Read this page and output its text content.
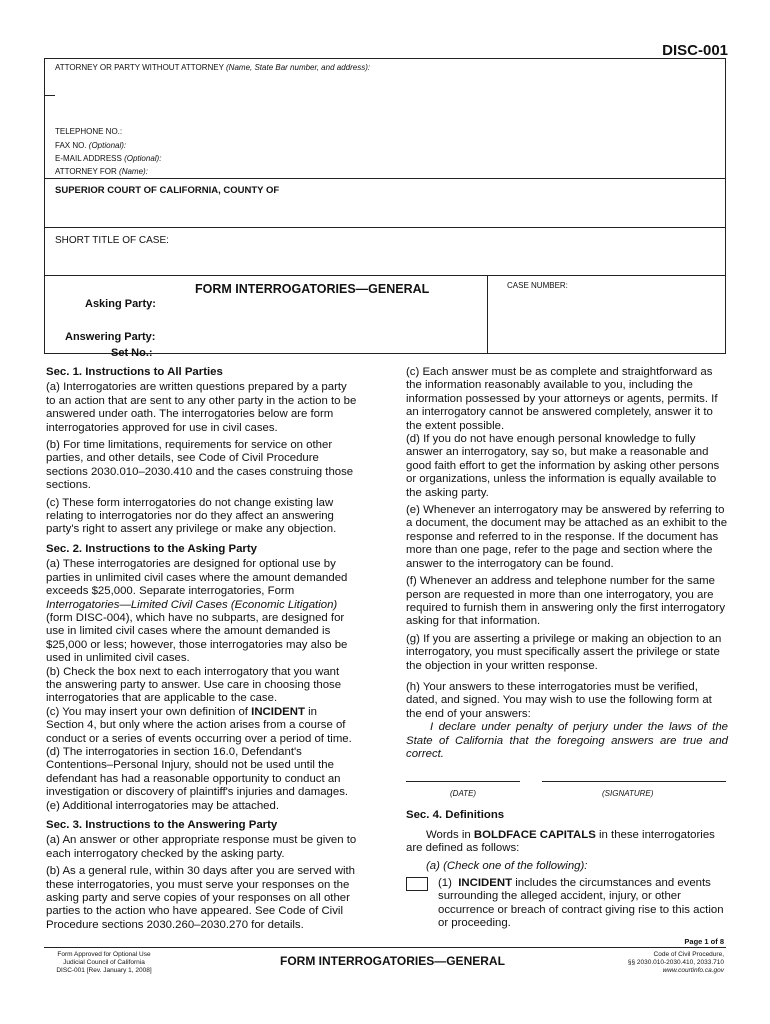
DISC-001
ATTORNEY OR PARTY WITHOUT ATTORNEY (Name, State Bar number, and address):
TELEPHONE NO.:
FAX NO. (Optional):
E-MAIL ADDRESS (Optional):
ATTORNEY FOR (Name):
SUPERIOR COURT OF CALIFORNIA, COUNTY OF
SHORT TITLE OF CASE:
FORM INTERROGATORIES—GENERAL	CASE NUMBER:
Asking Party:
Answering Party:
Set No.:

Sec. 1. Instructions to All Parties

(a) Interrogatories are written questions prepared by a party to an action that are sent to any other party in the action to be answered under oath. The interrogatories below are form interrogatories approved for use in civil cases.

(b) For time limitations, requirements for service on other parties, and other details, see Code of Civil Procedure sections 2030.010–2030.410 and the cases construing those sections.

(c) These form interrogatories do not change existing law relating to interrogatories nor do they affect an answering party's right to assert any privilege or make any objection.

Sec. 2. Instructions to the Asking Party

(a) These interrogatories are designed for optional use by parties in unlimited civil cases where the amount demanded exceeds $25,000. Separate interrogatories, Form Interrogatories—Limited Civil Cases (Economic Litigation) (form DISC-004), which have no subparts, are designed for use in limited civil cases where the amount demanded is $25,000 or less; however, those interrogatories may also be used in unlimited civil cases.

(b) Check the box next to each interrogatory that you want the answering party to answer. Use care in choosing those interrogatories that are applicable to the case.

(c) You may insert your own definition of INCIDENT in Section 4, but only where the action arises from a course of conduct or a series of events occurring over a period of time.

(d) The interrogatories in section 16.0, Defendant's Contentions–Personal Injury, should not be used until the defendant has had a reasonable opportunity to conduct an investigation or discovery of plaintiff's injuries and damages.

(e) Additional interrogatories may be attached.

Sec. 3. Instructions to the Answering Party

(a) An answer or other appropriate response must be given to each interrogatory checked by the asking party.

(b) As a general rule, within 30 days after you are served with these interrogatories, you must serve your responses on the asking party and serve copies of your responses on all other parties to the action who have appeared. See Code of Civil Procedure sections 2030.260–2030.270 for details.

(c) Each answer must be as complete and straightforward as the information reasonably available to you, including the information possessed by your attorneys or agents, permits. If an interrogatory cannot be answered completely, answer it to the extent possible.

(d) If you do not have enough personal knowledge to fully answer an interrogatory, say so, but make a reasonable and good faith effort to get the information by asking other persons or organizations, unless the information is equally available to the asking party.

(e) Whenever an interrogatory may be answered by referring to a document, the document may be attached as an exhibit to the response and referred to in the response. If the document has more than one page, refer to the page and section where the answer to the interrogatory can be found.

(f) Whenever an address and telephone number for the same person are requested in more than one interrogatory, you are required to furnish them in answering only the first interrogatory asking for that information.

(g) If you are asserting a privilege or making an objection to an interrogatory, you must specifically assert the privilege or state the objection in your written response.

(h) Your answers to these interrogatories must be verified, dated, and signed. You may wish to use the following form at the end of your answers:

I declare under penalty of perjury under the laws of the State of California that the foregoing answers are true and correct.

(DATE)	(SIGNATURE)

Sec. 4. Definitions

Words in BOLDFACE CAPITALS in these interrogatories are defined as follows:

(a) (Check one of the following):

(1) INCIDENT includes the circumstances and events surrounding the alleged accident, injury, or other occurrence or breach of contract giving rise to this action or proceeding.
Page 1 of 8
Form Approved for Optional Use
Judicial Council of California
DISC-001 [Rev. January 1, 2008]
FORM INTERROGATORIES—GENERAL	Code of Civil Procedure,
§§ 2030.010-2030.410, 2033.710
www.courtinfo.ca.gov
